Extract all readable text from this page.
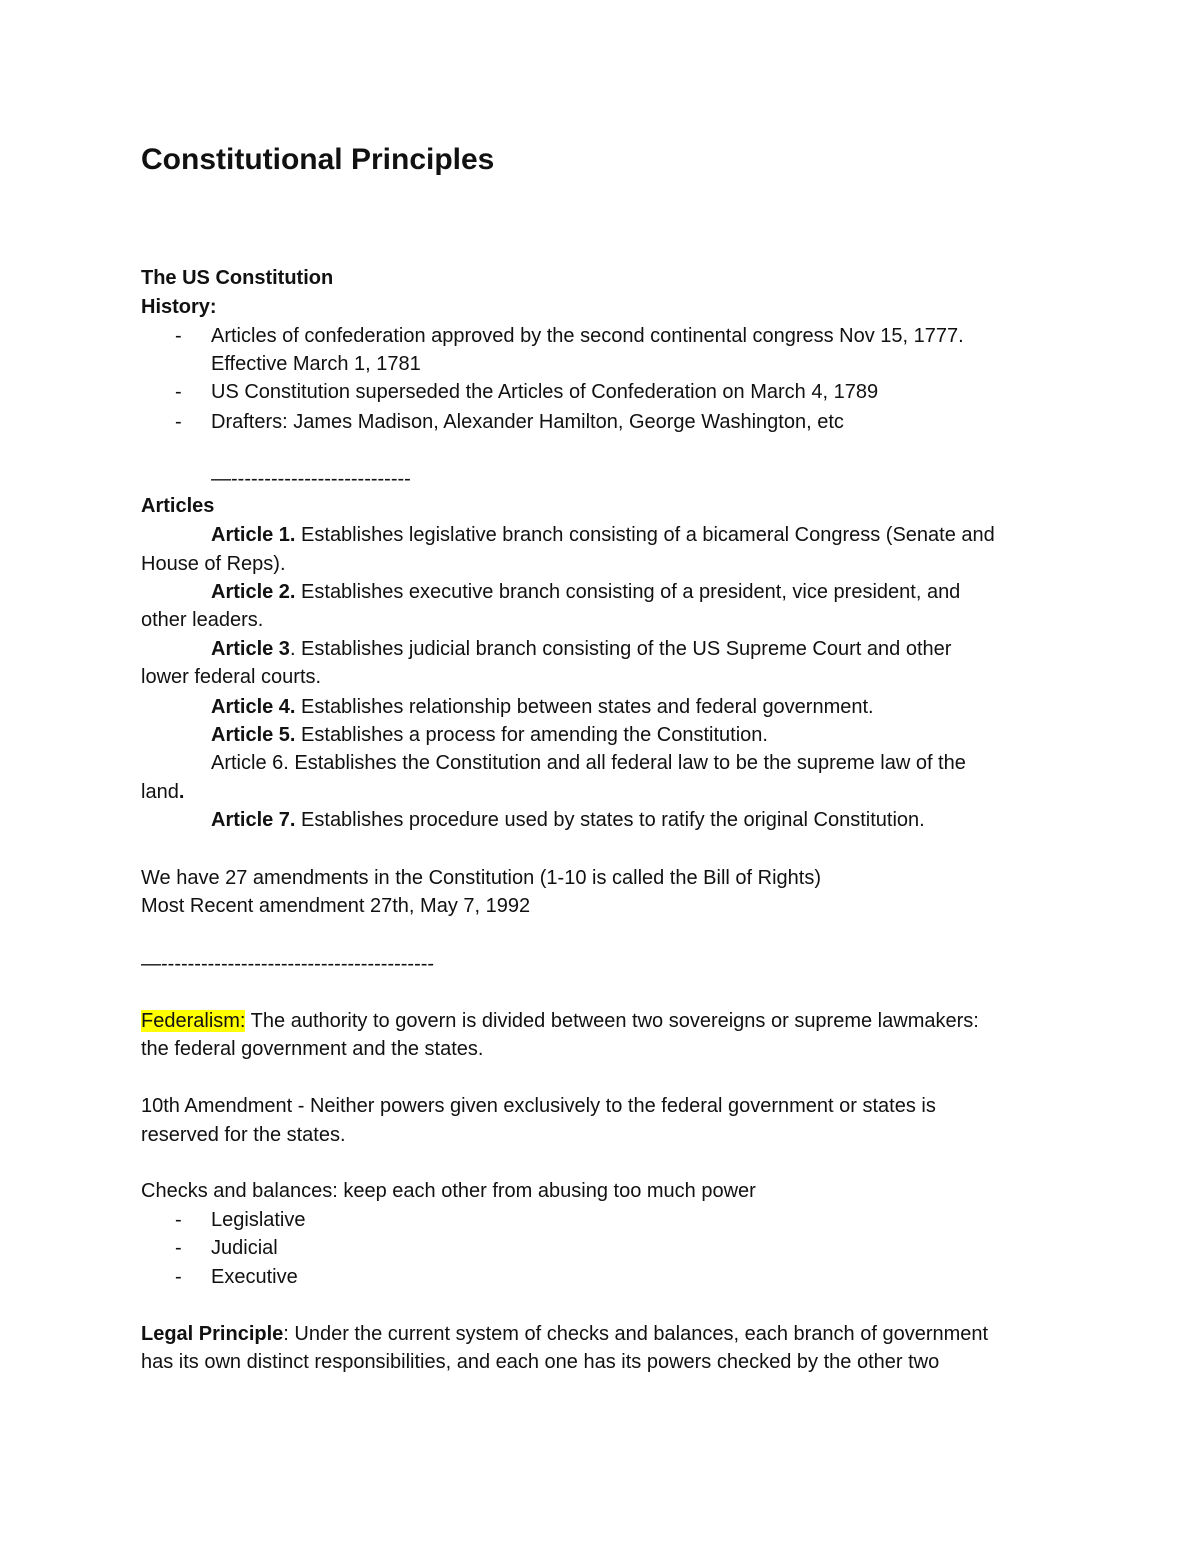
Constitutional Principles
The US Constitution
History:
- Articles of confederation approved by the second continental congress Nov 15, 1777.
Effective March 1, 1781
- US Constitution superseded the Articles of Confederation on March 4, 1789
- Drafters: James Madison, Alexander Hamilton, George Washington, etc
—---------------------------
Articles
Article 1. Establishes legislative branch consisting of a bicameral Congress (Senate and
House of Reps).
Article 2. Establishes executive branch consisting of a president, vice president, and
other leaders.
Article 3. Establishes judicial branch consisting of the US Supreme Court and other
lower federal courts.
Article 4. Establishes relationship between states and federal government.
Article 5. Establishes a process for amending the Constitution.
Article 6. Establishes the Constitution and all federal law to be the supreme law of the
land.
Article 7. Establishes procedure used by states to ratify the original Constitution.
We have 27 amendments in the Constitution (1-10 is called the Bill of Rights)
Most Recent amendment 27th, May 7, 1992
—-----------------------------------------
Federalism: The authority to govern is divided between two sovereigns or supreme lawmakers:
the federal government and the states.
10th Amendment - Neither powers given exclusively to the federal government or states is
reserved for the states.
Checks and balances: keep each other from abusing too much power
- Legislative
- Judicial
- Executive
Legal Principle: Under the current system of checks and balances, each branch of government
has its own distinct responsibilities, and each one has its powers checked by the other two
